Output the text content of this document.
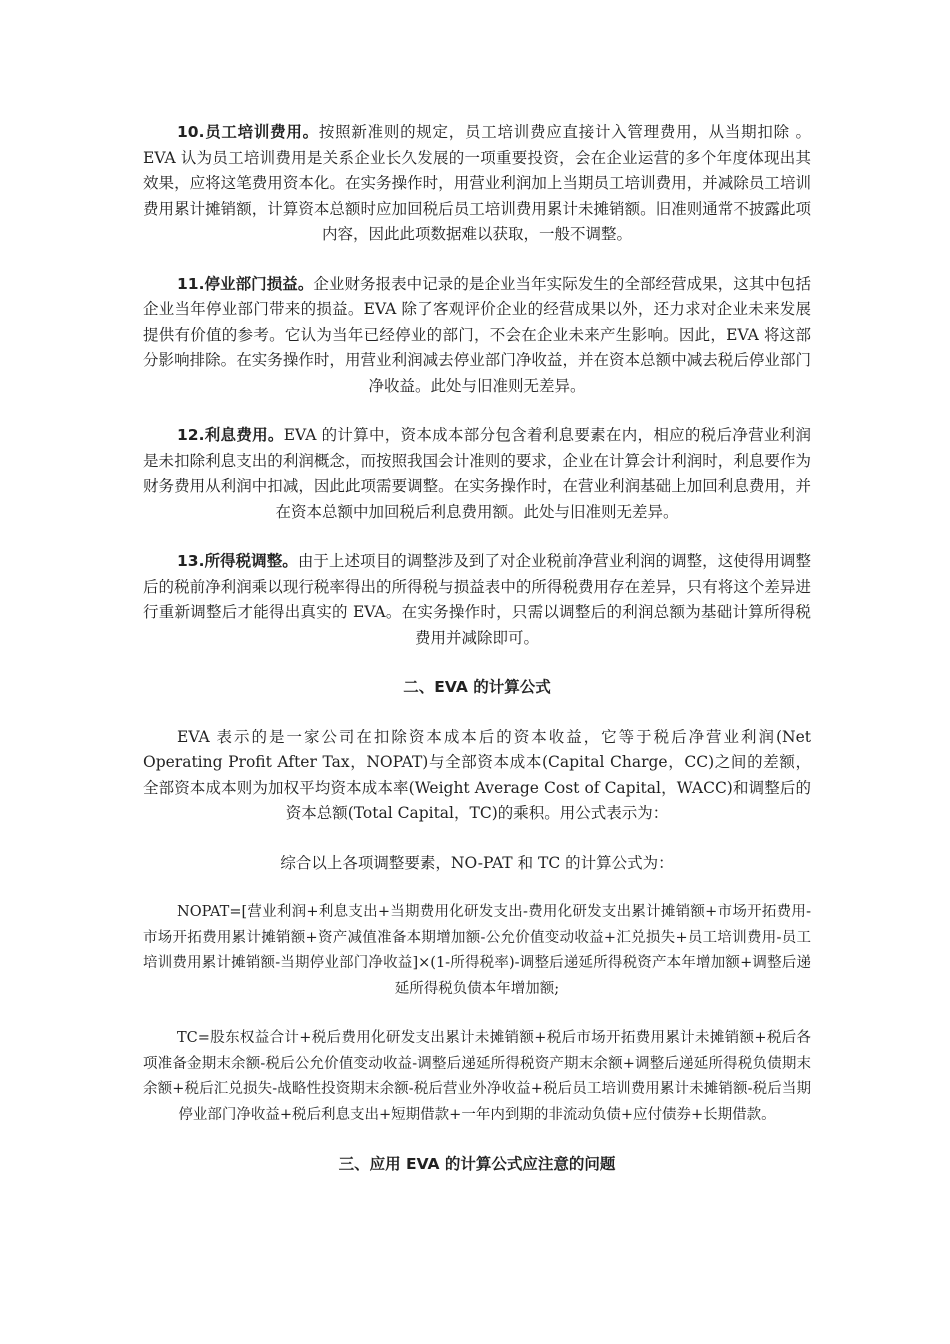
10.员工培训费用。按照新准则的规定，员工培训费应直接计入管理费用，从当期扣除 。EVA 认为员工培训费用是关系企业长久发展的一项重要投资，会在企业运营的多个年度体现出其效果，应将这笔费用资本化。在实务操作时，用营业利润加上当期员工培训费用，并减除员工培训费用累计摊销额，计算资本总额时应加回税后员工培训费用累计未摊销额。旧准则通常不披露此项内容，因此此项数据难以获取，一般不调整。

11.停业部门损益。企业财务报表中记录的是企业当年实际发生的全部经营成果，这其中包括企业当年停业部门带来的损益。EVA 除了客观评价企业的经营成果以外，还力求对企业未来发展提供有价值的参考。它认为当年已经停业的部门，不会在企业未来产生影响。因此，EVA 将这部分影响排除。在实务操作时，用营业利润减去停业部门净收益，并在资本总额中减去税后停业部门净收益。此处与旧准则无差异。

12.利息费用。EVA 的计算中，资本成本部分包含着利息要素在内，相应的税后净营业利润是未扣除利息支出的利润概念，而按照我国会计准则的要求，企业在计算会计利润时，利息要作为财务费用从利润中扣减，因此此项需要调整。在实务操作时，在营业利润基础上加回利息费用，并在资本总额中加回税后利息费用额。此处与旧准则无差异。

13.所得税调整。由于上述项目的调整涉及到了对企业税前净营业利润的调整，这使得用调整后的税前净利润乘以现行税率得出的所得税与损益表中的所得税费用存在差异，只有将这个差异进行重新调整后才能得出真实的 EVA。在实务操作时，只需以调整后的利润总额为基础计算所得税费用并减除即可。

二、EVA 的计算公式

EVA 表示的是一家公司在扣除资本成本后的资本收益，它等于税后净营业利润(Net Operating Profit After Tax，NOPAT)与全部资本成本(Capital Charge，CC)之间的差额，全部资本成本则为加权平均资本成本率(Weight Average Cost of Capital，WACC)和调整后的资本总额(Total Capital，TC)的乘积。用公式表示为：

综合以上各项调整要素，NO-PAT 和 TC 的计算公式为：

NOPAT=[营业利润+利息支出+当期费用化研发支出-费用化研发支出累计摊销额+市场开拓费用-市场开拓费用累计摊销额+资产减值准备本期增加额-公允价值变动收益+汇兑损失+员工培训费用-员工培训费用累计摊销额-当期停业部门净收益]×(1-所得税率)-调整后递延所得税资产本年增加额+调整后递延所得税负债本年增加额;

TC=股东权益合计+税后费用化研发支出累计未摊销额+税后市场开拓费用累计未摊销额+税后各项准备金期末余额-税后公允价值变动收益-调整后递延所得税资产期末余额+调整后递延所得税负债期末余额+税后汇兑损失-战略性投资期末余额-税后营业外净收益+税后员工培训费用累计未摊销额-税后当期停业部门净收益+税后利息支出+短期借款+一年内到期的非流动负债+应付债券+长期借款。

三、应用 EVA 的计算公式应注意的问题
